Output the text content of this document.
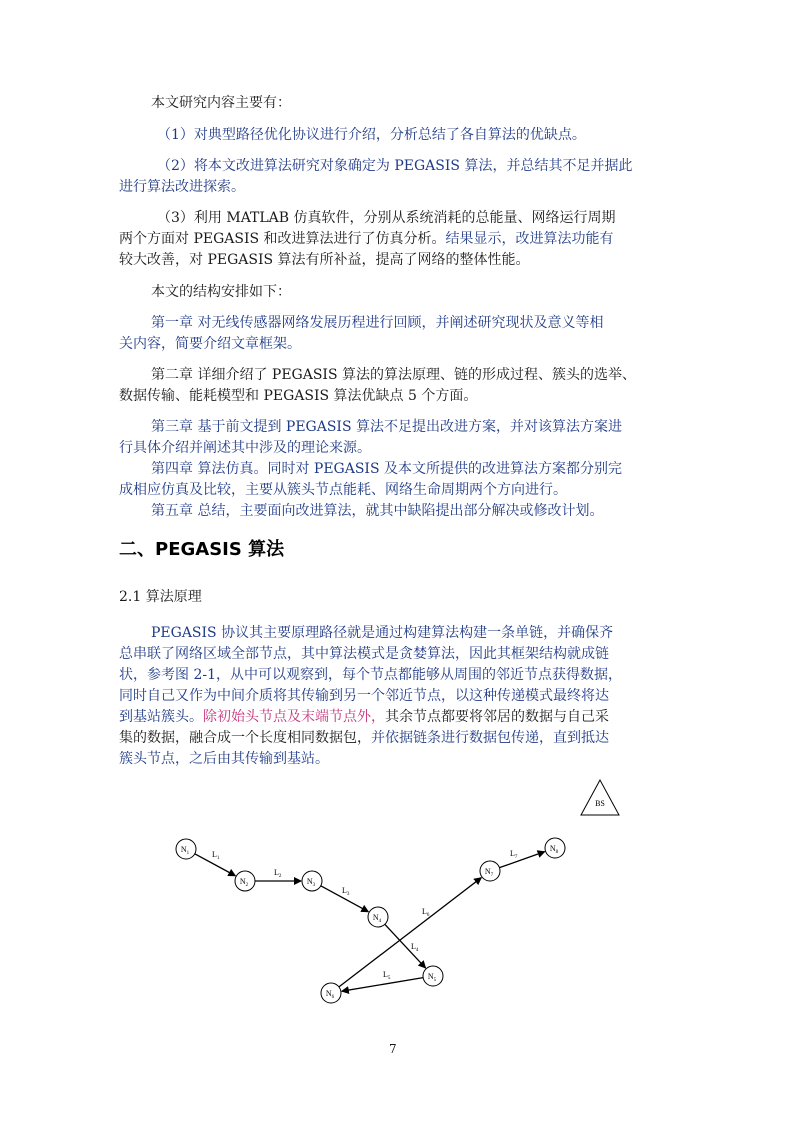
本文研究内容主要有：
（1）对典型路径优化协议进行介绍，分析总结了各自算法的优缺点。
（2）将本文改进算法研究对象确定为 PEGASIS 算法，并总结其不足并据此
进行算法改进探索。
（3）利用 MATLAB 仿真软件，分别从系统消耗的总能量、网络运行周期
两个方面对 PEGASIS 和改进算法进行了仿真分析。结果显示，改进算法功能有
较大改善，对 PEGASIS 算法有所补益，提高了网络的整体性能。
本文的结构安排如下：
第一章 对无线传感器网络发展历程进行回顾，并阐述研究现状及意义等相
关内容，简要介绍文章框架。
第二章 详细介绍了 PEGASIS 算法的算法原理、链的形成过程、簇头的选举、
数据传输、能耗模型和 PEGASIS 算法优缺点 5 个方面。
第三章 基于前文提到 PEGASIS 算法不足提出改进方案，并对该算法方案进
行具体介绍并阐述其中涉及的理论来源。
第四章 算法仿真。同时对 PEGASIS 及本文所提供的改进算法方案都分别完
成相应仿真及比较，主要从簇头节点能耗、网络生命周期两个方向进行。
第五章 总结，主要面向改进算法，就其中缺陷提出部分解决或修改计划。
PEGASIS 协议其主要原理路径就是通过构建算法构建一条单链，并确保齐
总串联了网络区域全部节点，其中算法模式是贪婪算法，因此其框架结构就成链
状，参考图 2-1，从中可以观察到，每个节点都能够从周围的邻近节点获得数据，
同时自己又作为中间介质将其传输到另一个邻近节点，以这种传递模式最终将达
到基站簇头。除初始头节点及末端节点外，其余节点都要将邻居的数据与自己采
集的数据，融合成一个长度相同数据包，并依据链条进行数据包传递，直到抵达
簇头节点，之后由其传输到基站。
二、PEGASIS 算法
2.1 算法原理
BS
$L_1$
$L_2$
$L_3$
$L_4$
$L_5$
$L_6$
$L_7$
$N_1$
$N_2$	$N_3$
$N_4$
$N_5$
$N_6$
$N_7$
$N_8$
7
